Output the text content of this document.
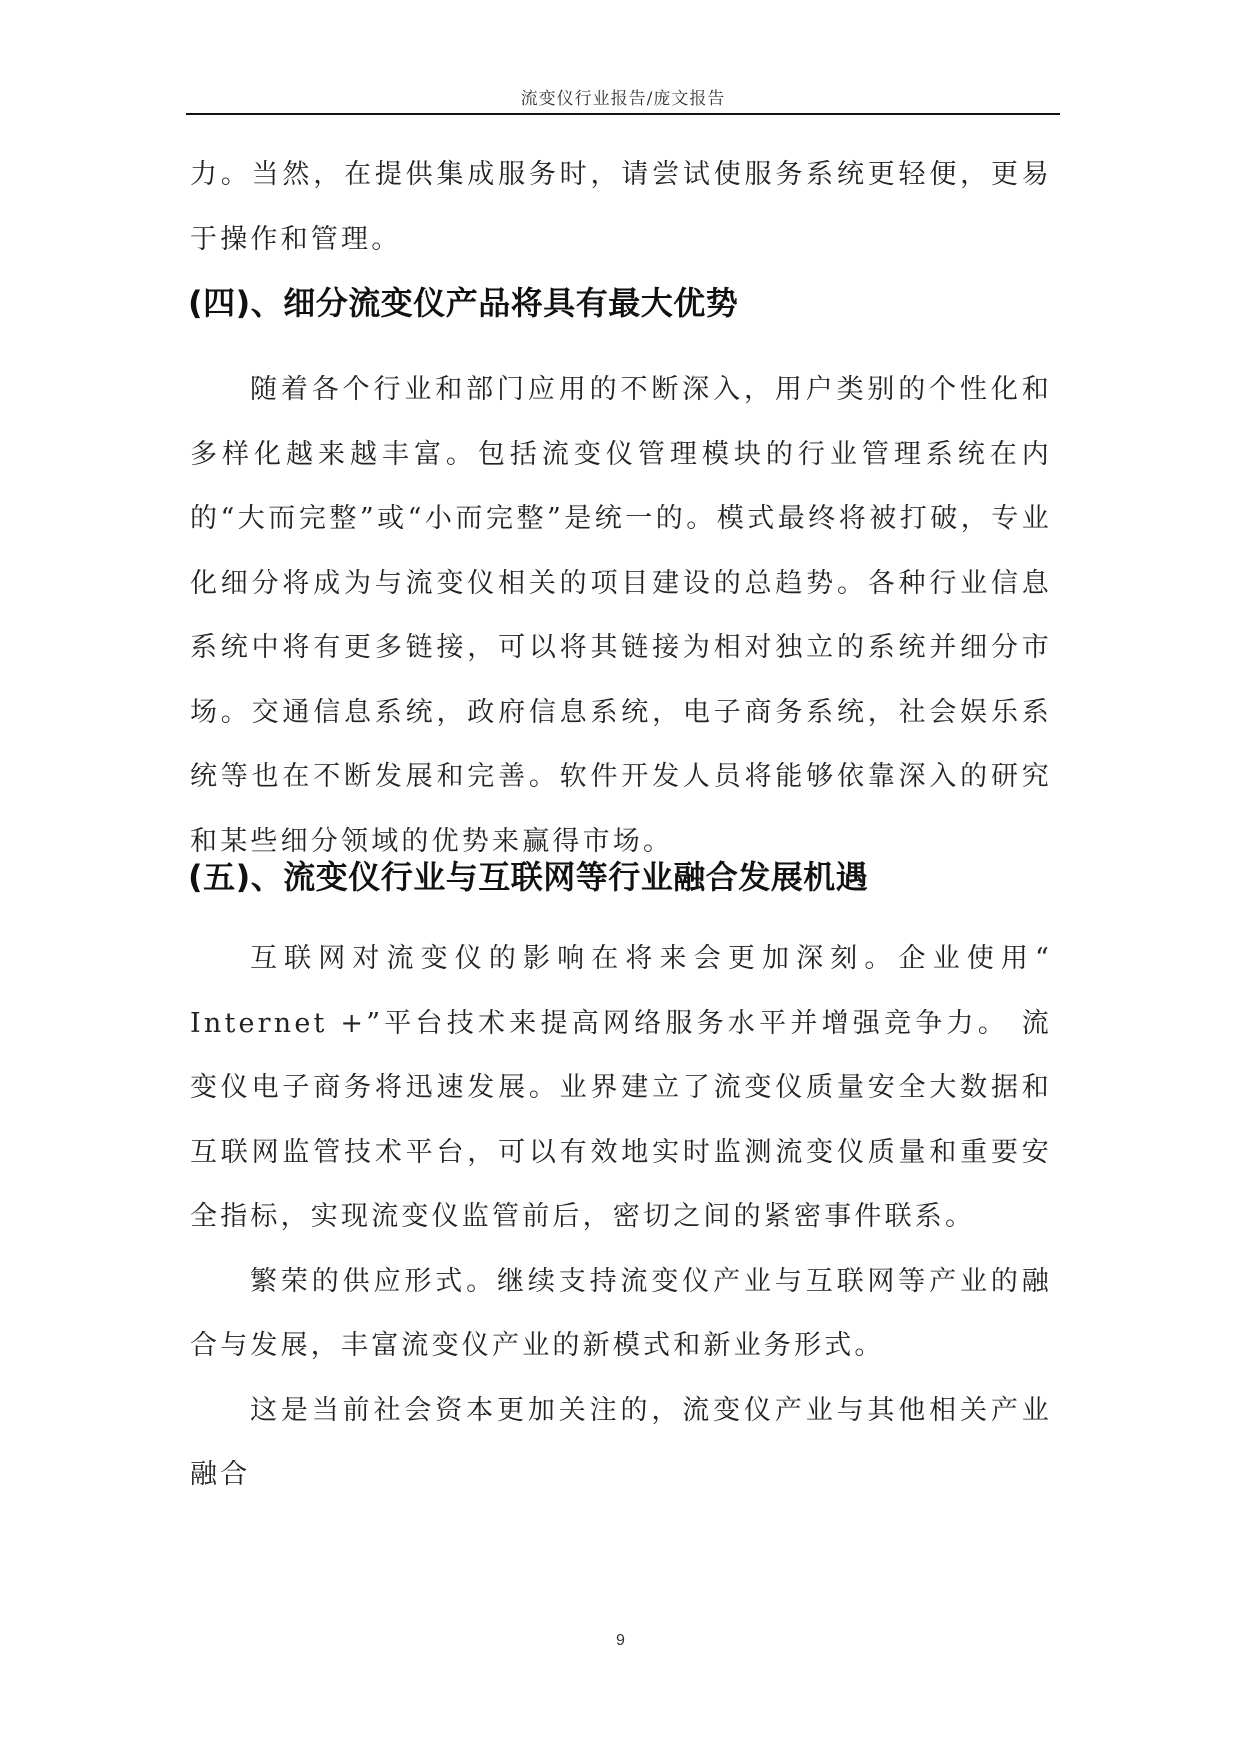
流变仪行业报告/庞文报告

力。当然，在提供集成服务时，请尝试使服务系统更轻便，更易于操作和管理。

(四)、细分流变仪产品将具有最大优势

随着各个行业和部门应用的不断深入，用户类别的个性化和多样化越来越丰富。包括流变仪管理模块的行业管理系统在内的“大而完整”或“小而完整”是统一的。模式最终将被打破，专业化细分将成为与流变仪相关的项目建设的总趋势。各种行业信息系统中将有更多链接，可以将其链接为相对独立的系统并细分市场。交通信息系统，政府信息系统，电子商务系统，社会娱乐系统等也在不断发展和完善。软件开发人员将能够依靠深入的研究和某些细分领域的优势来赢得市场。

(五)、流变仪行业与互联网等行业融合发展机遇

互联网对流变仪的影响在将来会更加深刻。企业使用“ Internet +”平台技术来提高网络服务水平并增强竞争力。 流变仪电子商务将迅速发展。业界建立了流变仪质量安全大数据和互联网监管技术平台，可以有效地实时监测流变仪质量和重要安全指标，实现流变仪监管前后，密切之间的紧密事件联系。

繁荣的供应形式。继续支持流变仪产业与互联网等产业的融合与发展，丰富流变仪产业的新模式和新业务形式。

这是当前社会资本更加关注的，流变仪产业与其他相关产业融合

9
